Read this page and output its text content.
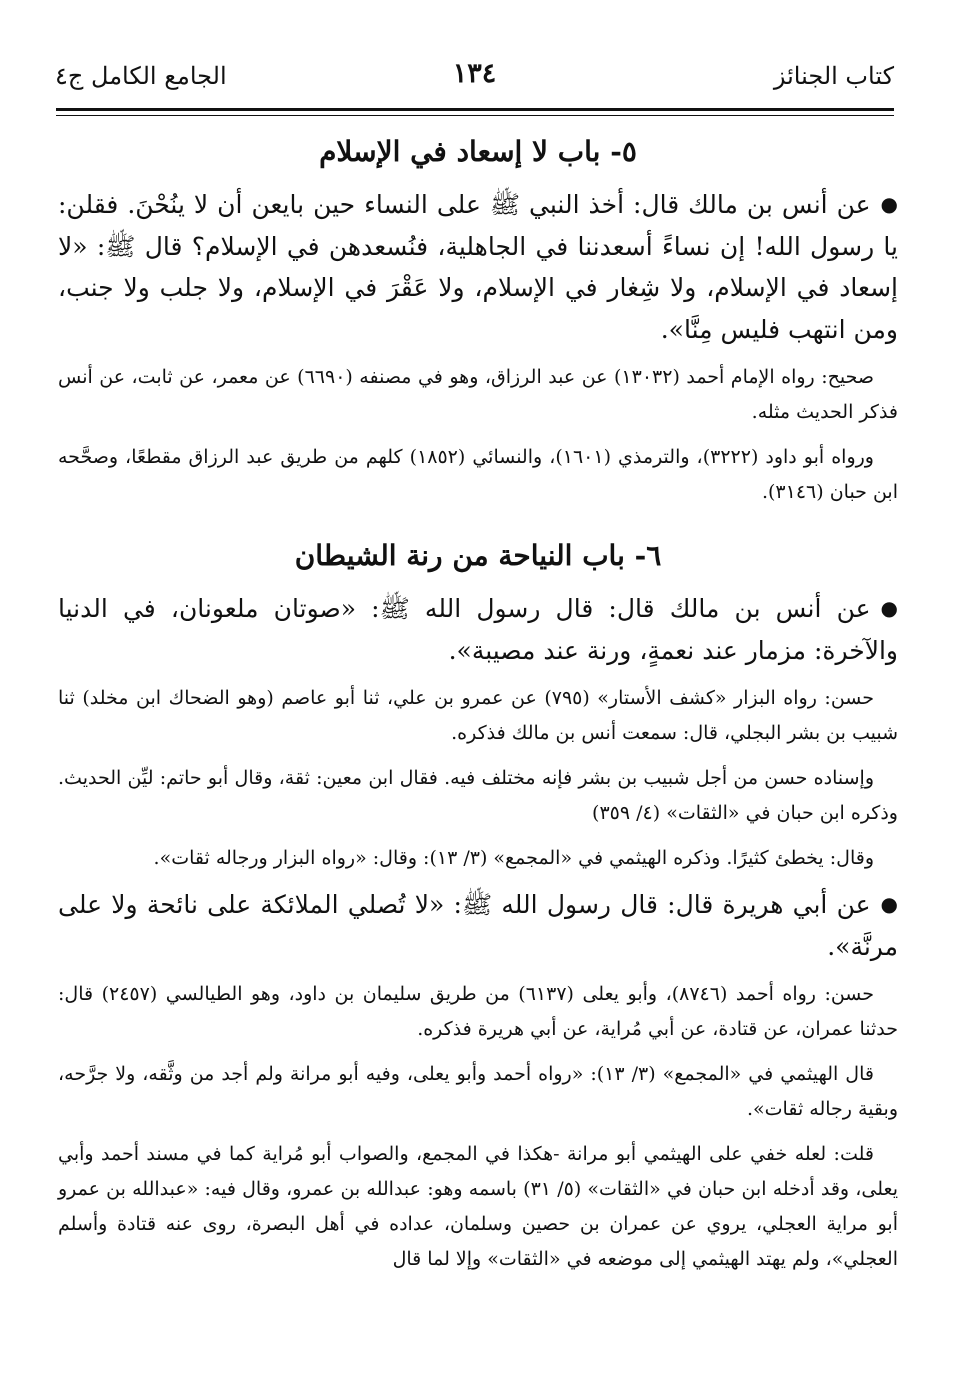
كتاب الجنائز
١٣٤
الجامع الكامل ج٤
٥- باب لا إسعاد في الإسلام

●عن أنس بن مالك قال: أخذ النبي ﷺ على النساء حين بايعن أن لا ينُحْنَ. فقلن: يا رسول الله! إن نساءً أسعدننا في الجاهلية، فنُسعدهن في الإسلام؟ قال ﷺ: «لا إسعاد في الإسلام، ولا شِغار في الإسلام، ولا عَقْرَ في الإسلام، ولا جلب ولا جنب، ومن انتهب فليس مِنَّا».

صحيح: رواه الإمام أحمد (١٣٠٣٢) عن عبد الرزاق، وهو في مصنفه (٦٦٩٠) عن معمر، عن ثابت، عن أنس فذكر الحديث مثله.

ورواه أبو داود (٣٢٢٢)، والترمذي (١٦٠١)، والنسائي (١٨٥٢) كلهم من طريق عبد الرزاق مقطعًا، وصحَّحه ابن حبان (٣١٤٦).

٦- باب النياحة من رنة الشيطان

●عن أنس بن مالك قال: قال رسول الله ﷺ: «صوتان ملعونان، في الدنيا والآخرة: مزمار عند نعمةٍ، ورنة عند مصيبة».

حسن: رواه البزار «كشف الأستار» (٧٩٥) عن عمرو بن علي، ثنا أبو عاصم (وهو الضحاك ابن مخلد) ثنا شبيب بن بشر البجلي، قال: سمعت أنس بن مالك فذكره.

وإسناده حسن من أجل شبيب بن بشر فإنه مختلف فيه. فقال ابن معين: ثقة، وقال أبو حاتم: ليِّن الحديث. وذكره ابن حبان في «الثقات» (٤/ ٣٥٩)

وقال: يخطئ كثيرًا. وذكره الهيثمي في «المجمع» (٣/ ١٣): وقال: «رواه البزار ورجاله ثقات».

●عن أبي هريرة قال: قال رسول الله ﷺ: «لا تُصلي الملائكة على نائحة ولا على مرنَّة».

حسن: رواه أحمد (٨٧٤٦)، وأبو يعلى (٦١٣٧) من طريق سليمان بن داود، وهو الطيالسي (٢٤٥٧) قال: حدثنا عمران، عن قتادة، عن أبي مُراية، عن أبي هريرة فذكره.

قال الهيثمي في «المجمع» (٣/ ١٣): «رواه أحمد وأبو يعلى، وفيه أبو مرانة ولم أجد من وثَّقه، ولا جرَّحه، وبقية رجاله ثقات».

قلت: لعله خفي على الهيثمي أبو مرانة -هكذا في المجمع، والصواب أبو مُراية كما في مسند أحمد وأبي يعلى، وقد أدخله ابن حبان في «الثقات» (٥/ ٣١) باسمه وهو: عبدالله بن عمرو، وقال فيه: «عبدالله بن عمرو أبو مراية العجلي، يروي عن عمران بن حصين وسلمان، عداده في أهل البصرة، روى عنه قتادة وأسلم العجلي»، ولم يهتد الهيثمي إلى موضعه في «الثقات» وإلا لما قال
